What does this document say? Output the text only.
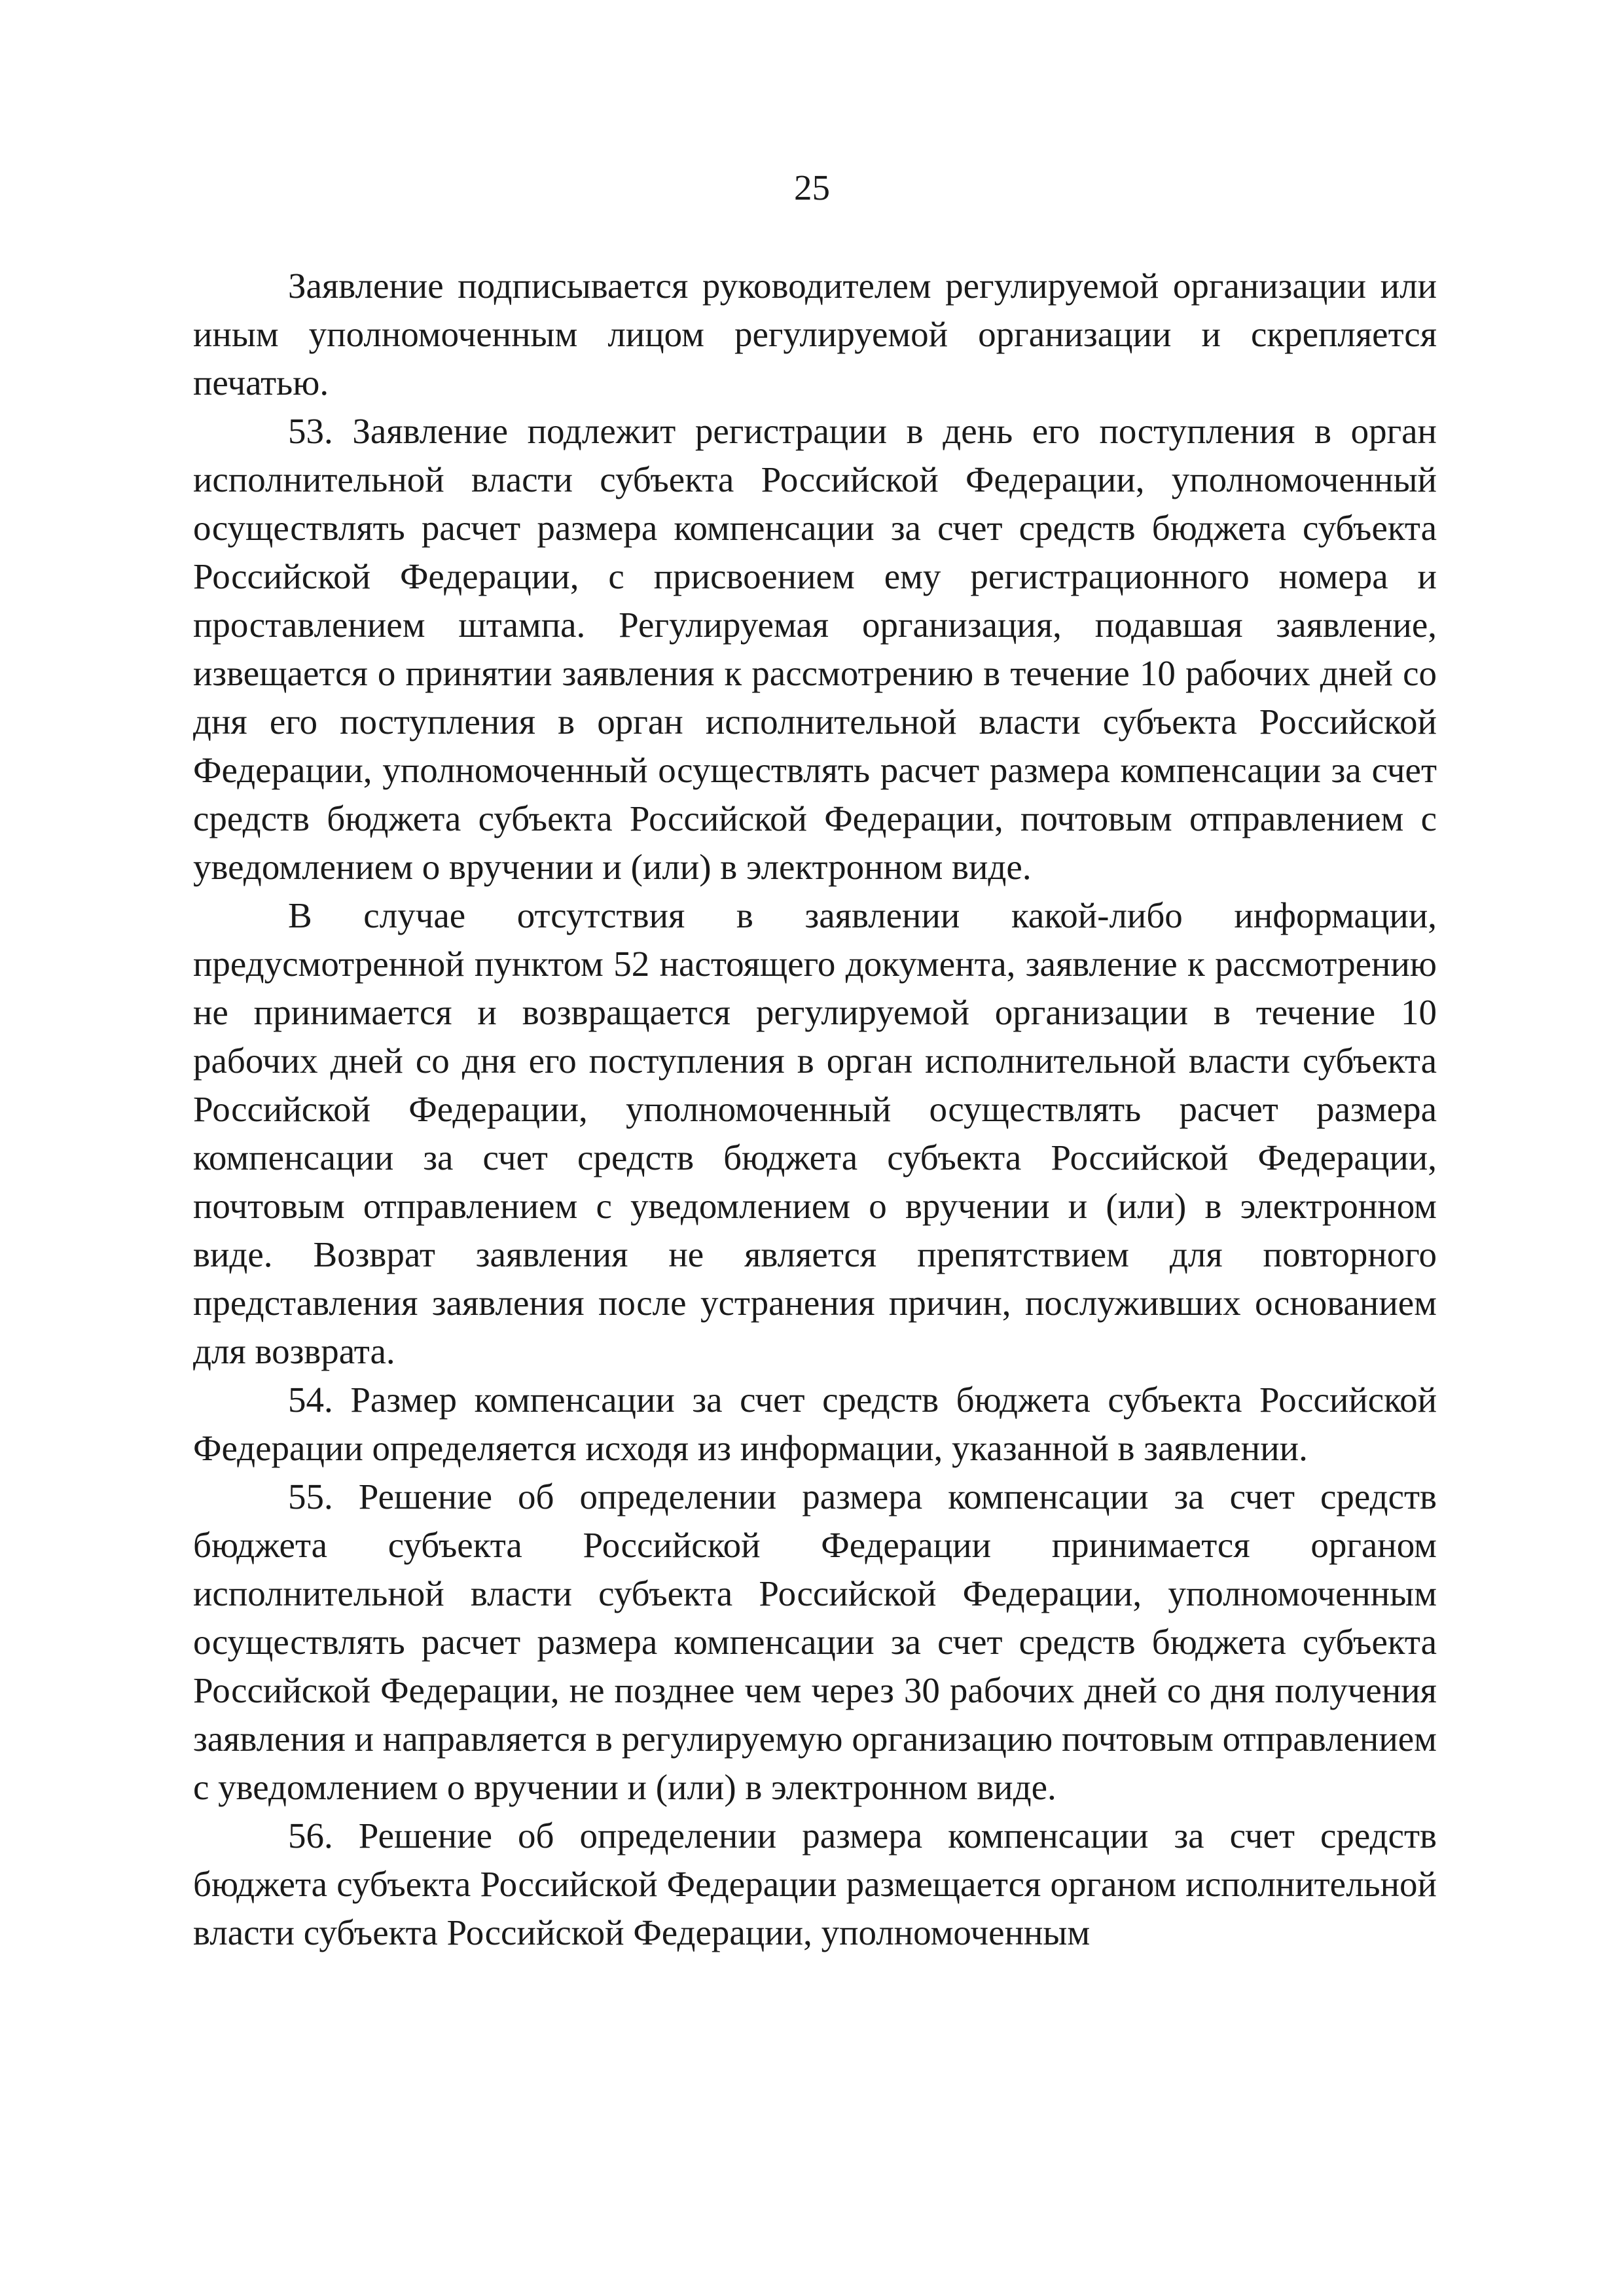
25

Заявление подписывается руководителем регулируемой организации или иным уполномоченным лицом регулируемой организации и скрепляется печатью.

53. Заявление подлежит регистрации в день его поступления в орган исполнительной власти субъекта Российской Федерации, уполномоченный осуществлять расчет размера компенсации за счет средств бюджета субъекта Российской Федерации, с присвоением ему регистрационного номера и проставлением штампа. Регулируемая организация, подавшая заявление, извещается о принятии заявления к рассмотрению в течение 10 рабочих дней со дня его поступления в орган исполнительной власти субъекта Российской Федерации, уполномоченный осуществлять расчет размера компенсации за счет средств бюджета субъекта Российской Федерации, почтовым отправлением с уведомлением о вручении и (или) в электронном виде.

В случае отсутствия в заявлении какой-либо информации, предусмотренной пунктом 52 настоящего документа, заявление к рассмотрению не принимается и возвращается регулируемой организации в течение 10 рабочих дней со дня его поступления в орган исполнительной власти субъекта Российской Федерации, уполномоченный осуществлять расчет размера компенсации за счет средств бюджета субъекта Российской Федерации, почтовым отправлением с уведомлением о вручении и (или) в электронном виде. Возврат заявления не является препятствием для повторного представления заявления после устранения причин, послуживших основанием для возврата.

54. Размер компенсации за счет средств бюджета субъекта Российской Федерации определяется исходя из информации, указанной в заявлении.

55. Решение об определении размера компенсации за счет средств бюджета субъекта Российской Федерации принимается органом исполнительной власти субъекта Российской Федерации, уполномоченным осуществлять расчет размера компенсации за счет средств бюджета субъекта Российской Федерации, не позднее чем через 30 рабочих дней со дня получения заявления и направляется в регулируемую организацию почтовым отправлением с уведомлением о вручении и (или) в электронном виде.

56. Решение об определении размера компенсации за счет средств бюджета субъекта Российской Федерации размещается органом исполнительной власти субъекта Российской Федерации, уполномоченным
